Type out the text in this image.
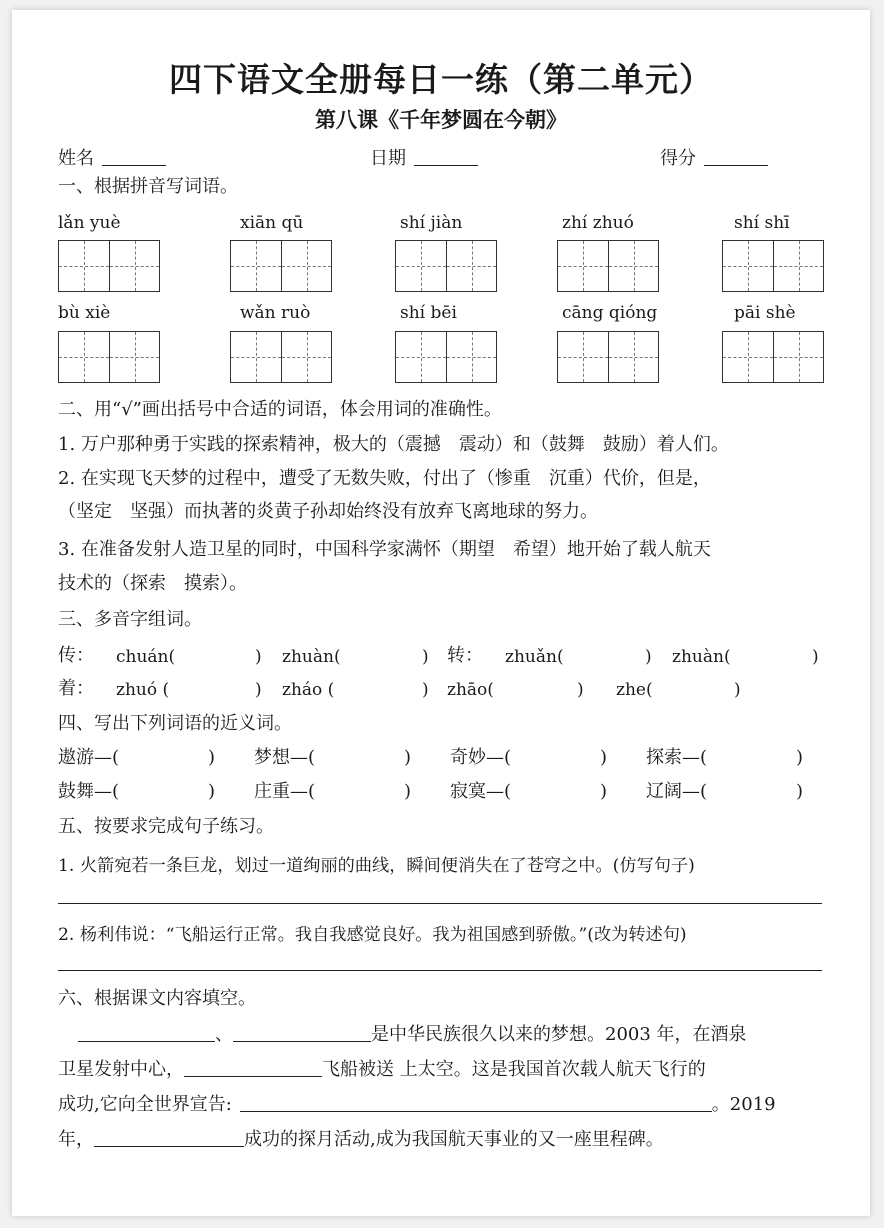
四下语文全册每日一练（第二单元）
第八课《千年梦圆在今朝》
姓名	日期	得分
一、根据拼音写词语。
lǎn yuè	xiān qū	shí jiàn	zhí zhuó	shí shī
bù xiè	wǎn ruò	shí bēi	cāng qióng	pāi shè
二、用“√”画出括号中合适的词语，体会用词的准确性。
1. 万户那种勇于实践的探索精神，极大的（震撼　震动）和（鼓舞　鼓励）着人们。
2. 在实现飞天梦的过程中，遭受了无数失败，付出了（惨重　沉重）代价，但是，
（坚定　坚强）而执著的炎黄子孙却始终没有放弃飞离地球的努力。
3. 在准备发射人造卫星的同时，中国科学家满怀（期望　希望）地开始了载人航天
技术的（探索　摸索）。
三、多音字组词。
传： chuán(	) zhuàn(	) 转： zhuǎn(	) zhuàn(	)
着： zhuó (	) zháo (	) zhāo(	) zhe(	)
四、写出下列词语的近义词。
遨游—(	) 梦想—(	) 奇妙—(	) 探索—(	)
鼓舞—(	) 庄重—(	) 寂寞—(	) 辽阔—(	)
五、按要求完成句子练习。
1. 火箭宛若一条巨龙，划过一道绚丽的曲线，瞬间便消失在了苍穹之中。(仿写句子)
2. 杨利伟说：“飞船运行正常。我自我感觉良好。我为祖国感到骄傲。”(改为转述句)
六、根据课文内容填空。
、	是中华民族很久以来的梦想。2003 年，在酒泉
卫星发射中心，	飞船被送 上太空。这是我国首次载人航天飞行的
成功,它向全世界宣告:	。2019
年，	成功的探月活动,成为我国航天事业的又一座里程碑。
